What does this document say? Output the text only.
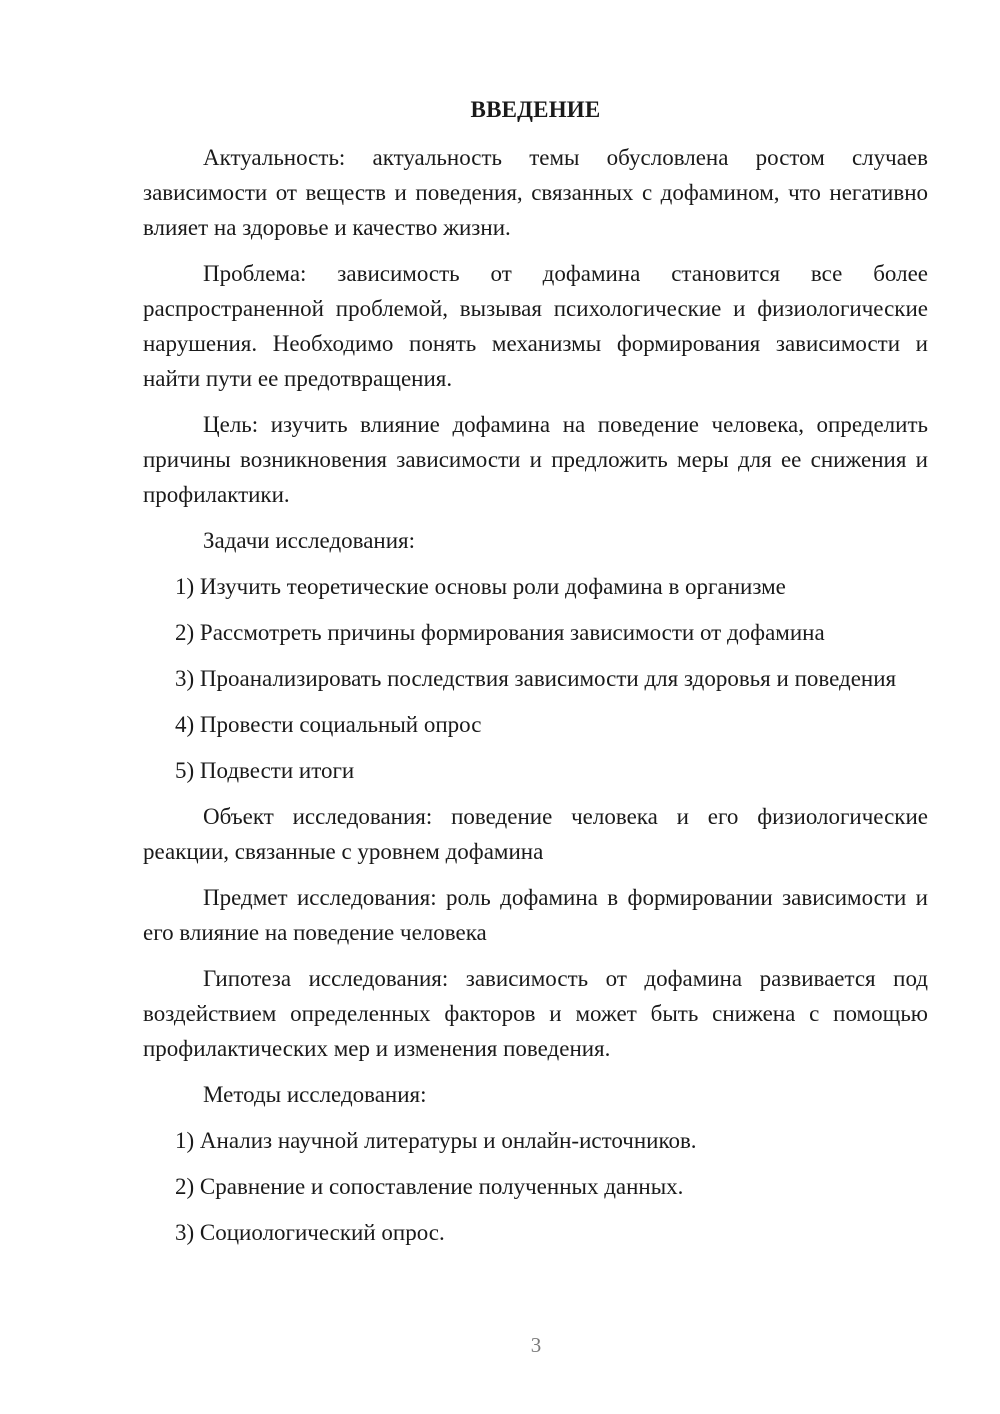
ВВЕДЕНИЕ

Актуальность: актуальность темы обусловлена ростом случаев зависимости от веществ и поведения, связанных с дофамином, что негативно влияет на здоровье и качество жизни.

Проблема: зависимость от дофамина становится все более распространенной проблемой, вызывая психологические и физиологические нарушения. Необходимо понять механизмы формирования зависимости и найти пути ее предотвращения.

Цель: изучить влияние дофамина на поведение человека, определить причины возникновения зависимости и предложить меры для ее снижения и профилактики.

Задачи исследования:

1) Изучить теоретические основы роли дофамина в организме

2) Рассмотреть причины формирования зависимости от дофамина

3) Проанализировать последствия зависимости для здоровья и поведения

4) Провести социальный опрос

5) Подвести итоги

Объект исследования: поведение человека и его физиологические реакции, связанные с уровнем дофамина

Предмет исследования: роль дофамина в формировании зависимости и его влияние на поведение человека

Гипотеза исследования: зависимость от дофамина развивается под воздействием определенных факторов и может быть снижена с помощью профилактических мер и изменения поведения.

Методы исследования:

1) Анализ научной литературы и онлайн-источников.

2) Сравнение и сопоставление полученных данных.

3) Социологический опрос.

3
